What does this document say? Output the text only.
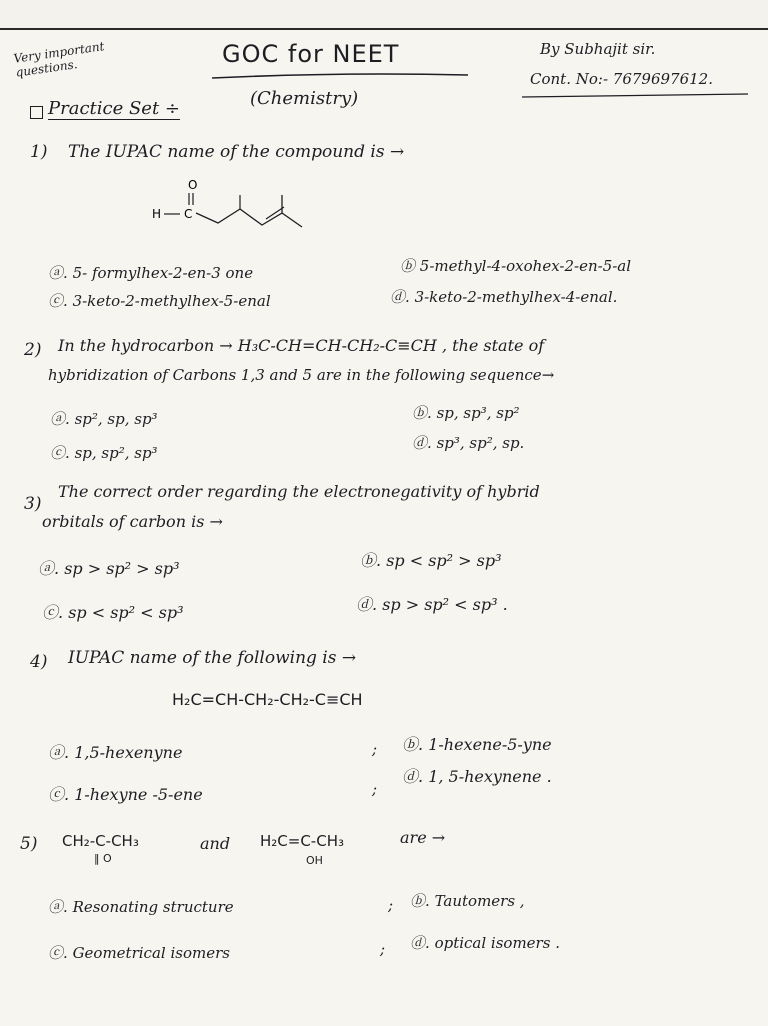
Very important questions.
GOC for NEET	By Subhajit sir.
Cont. No:- 7679697612.
Practice Set ÷	(Chemistry)
1) The IUPAC name of the compound is →
O
H C
ⓐ. 5- formylhex-2-en-3 one	ⓑ 5-methyl-4-oxohex-2-en-5-al
ⓒ. 3-keto-2-methylhex-5-enal	ⓓ. 3-keto-2-methylhex-4-enal.
2) In the hydrocarbon → H₃C-CH=CH-CH₂-C≡CH , the state of
hybridization of Carbons 1,3 and 5 are in the following sequence→
ⓐ. sp², sp, sp³	ⓑ. sp, sp³, sp²
ⓒ. sp, sp², sp³
ⓓ. sp³, sp², sp.
3)
The correct order regarding the electronegativity of hybrid
orbitals of carbon is →
ⓐ. sp > sp² > sp³	ⓑ. sp < sp² > sp³
ⓒ. sp < sp² < sp³	ⓓ. sp > sp² < sp³ .
4) IUPAC name of the following is →
H₂C=CH-CH₂-CH₂-C≡CH
ⓐ. 1,5-hexenyne	; ⓑ. 1-hexene-5-yne
ⓒ. 1-hexyne -5-ene	;
ⓓ. 1, 5-hexynene .
5) CH₂-C-CH₃
‖ O
and H₂C=C-CH₃
OH
are →
ⓐ. Resonating structure	; ⓑ. Tautomers ,
ⓒ. Geometrical isomers	; ⓓ. optical isomers .
